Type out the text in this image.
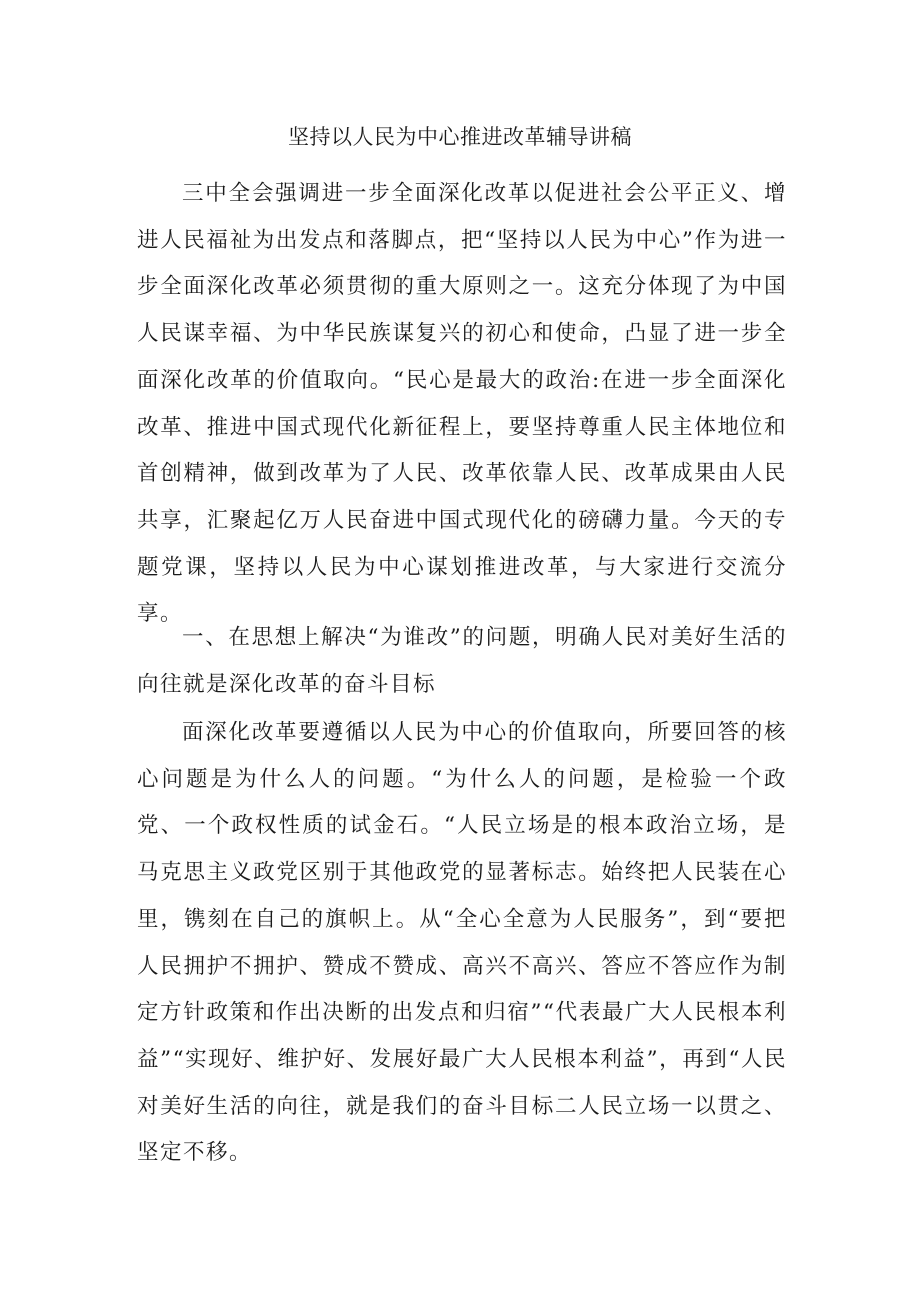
坚持以人民为中心推进改革辅导讲稿

三中全会强调进一步全面深化改革以促进社会公平正义、增进人民福祉为出发点和落脚点，把“坚持以人民为中心”作为进一步全面深化改革必须贯彻的重大原则之一。这充分体现了为中国人民谋幸福、为中华民族谋复兴的初心和使命，凸显了进一步全面深化改革的价值取向。“民心是最大的政治:在进一步全面深化改革、推进中国式现代化新征程上，要坚持尊重人民主体地位和首创精神，做到改革为了人民、改革依靠人民、改革成果由人民共享，汇聚起亿万人民奋进中国式现代化的磅礴力量。今天的专题党课，坚持以人民为中心谋划推进改革，与大家进行交流分享。

一、在思想上解决“为谁改”的问题，明确人民对美好生活的向往就是深化改革的奋斗目标

面深化改革要遵循以人民为中心的价值取向，所要回答的核心问题是为什么人的问题。“为什么人的问题，是检验一个政党、一个政权性质的试金石。“人民立场是的根本政治立场，是马克思主义政党区别于其他政党的显著标志。始终把人民装在心里，镌刻在自己的旗帜上。从“全心全意为人民服务”，到“要把人民拥护不拥护、赞成不赞成、高兴不高兴、答应不答应作为制定方针政策和作出决断的出发点和归宿”“代表最广大人民根本利益”“实现好、维护好、发展好最广大人民根本利益”，再到“人民对美好生活的向往，就是我们的奋斗目标二人民立场一以贯之、坚定不移。
